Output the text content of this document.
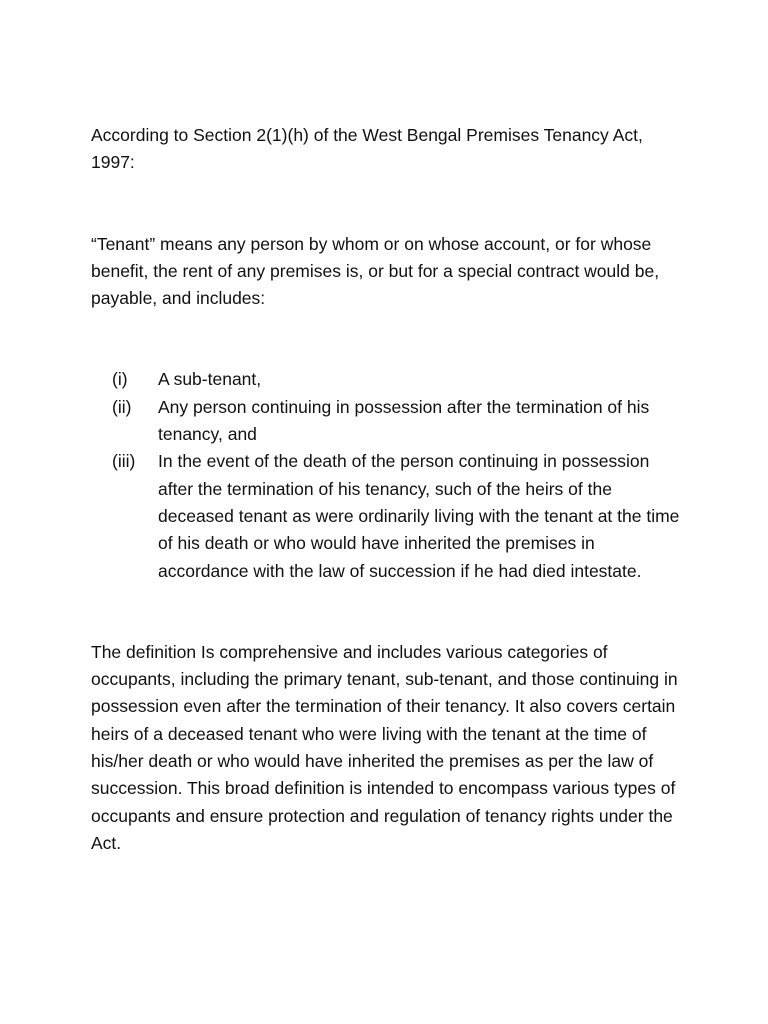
According to Section 2(1)(h) of the West Bengal Premises Tenancy Act, 1997:

“Tenant” means any person by whom or on whose account, or for whose benefit, the rent of any premises is, or but for a special contract would be, payable, and includes:

(i)	A sub-tenant,
(ii)	Any person continuing in possession after the termination of his tenancy, and
(iii)	In the event of the death of the person continuing in possession after the termination of his tenancy, such of the heirs of the deceased tenant as were ordinarily living with the tenant at the time of his death or who would have inherited the premises in accordance with the law of succession if he had died intestate.

The definition Is comprehensive and includes various categories of occupants, including the primary tenant, sub-tenant, and those continuing in possession even after the termination of their tenancy. It also covers certain heirs of a deceased tenant who were living with the tenant at the time of his/her death or who would have inherited the premises as per the law of succession. This broad definition is intended to encompass various types of occupants and ensure protection and regulation of tenancy rights under the Act.
